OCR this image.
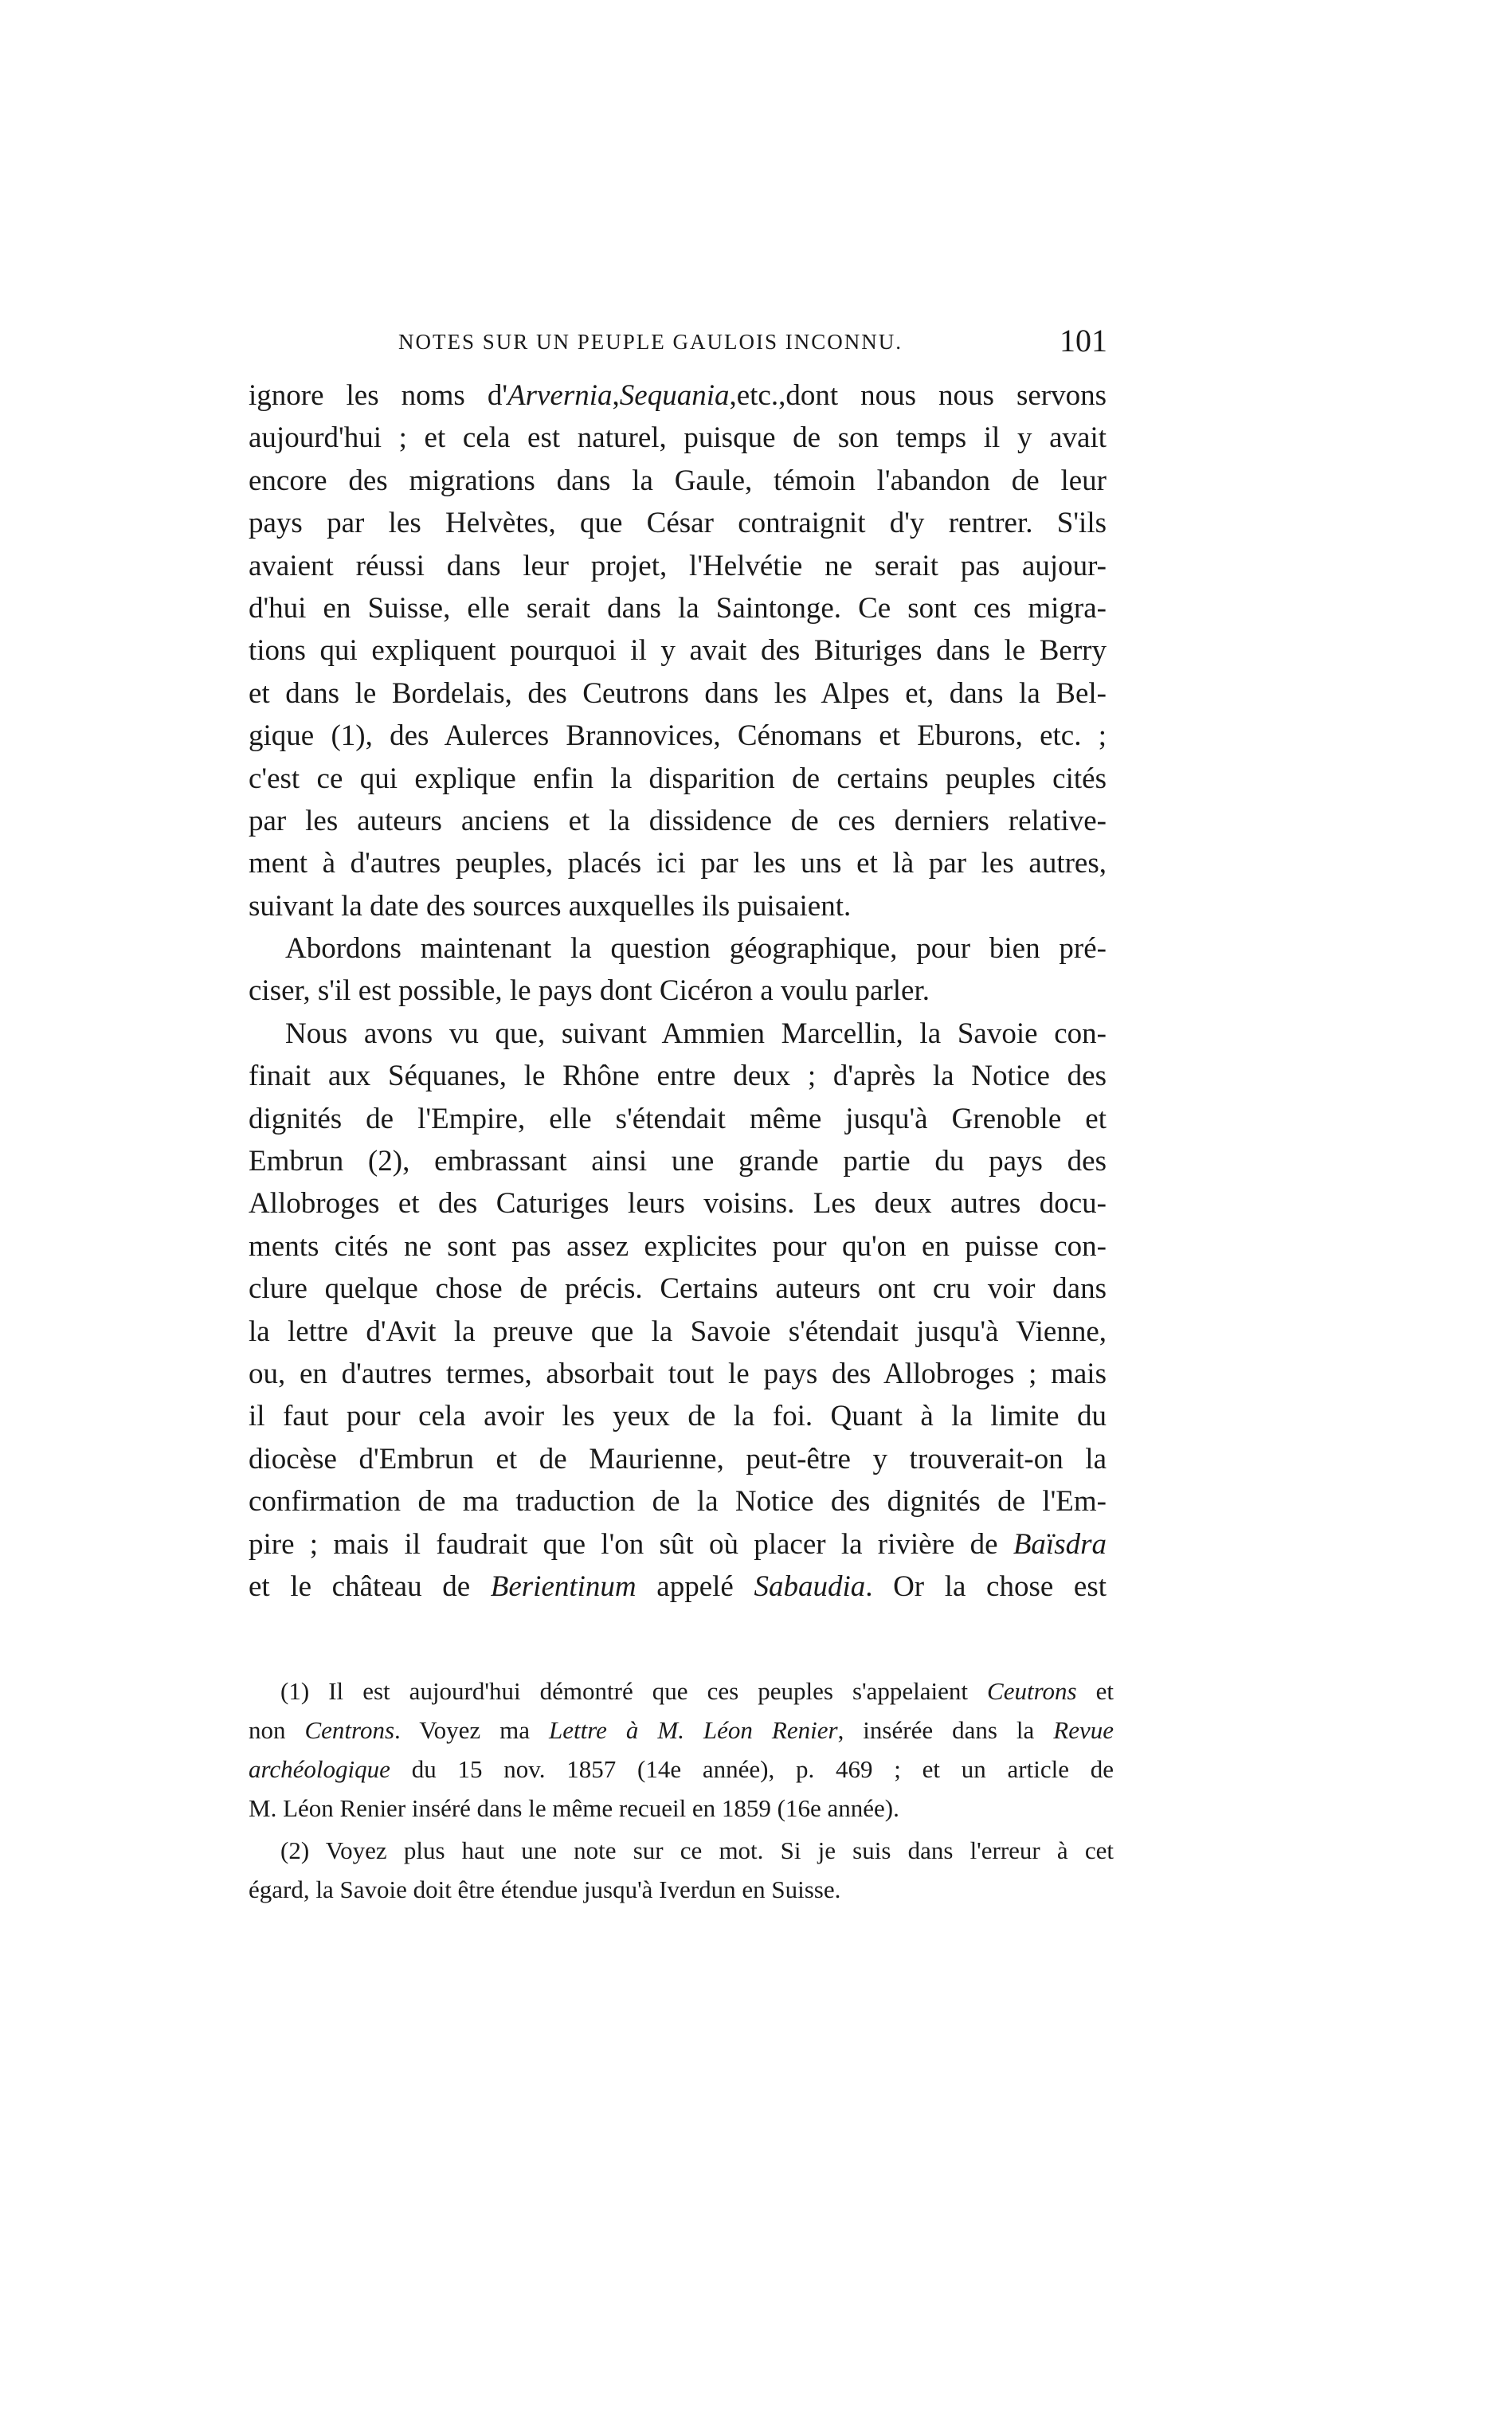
NOTES SUR UN PEUPLE GAULOIS INCONNU.	101
ignore les noms d'Arvernia,Sequania,etc.,dont nous nous servons
aujourd'hui ; et cela est naturel, puisque de son temps il y avait
encore des migrations dans la Gaule, témoin l'abandon de leur
pays par les Helvètes, que César contraignit d'y rentrer. S'ils
avaient réussi dans leur projet, l'Helvétie ne serait pas aujour-
d'hui en Suisse, elle serait dans la Saintonge. Ce sont ces migra-
tions qui expliquent pourquoi il y avait des Bituriges dans le Berry
et dans le Bordelais, des Ceutrons dans les Alpes et, dans la Bel-
gique (1), des Aulerces Brannovices, Cénomans et Eburons, etc. ;
c'est ce qui explique enfin la disparition de certains peuples cités
par les auteurs anciens et la dissidence de ces derniers relative-
ment à d'autres peuples, placés ici par les uns et là par les autres,
suivant la date des sources auxquelles ils puisaient.
Abordons maintenant la question géographique, pour bien pré-
ciser, s'il est possible, le pays dont Cicéron a voulu parler.
Nous avons vu que, suivant Ammien Marcellin, la Savoie con-
finait aux Séquanes, le Rhône entre deux ; d'après la Notice des
dignités de l'Empire, elle s'étendait même jusqu'à Grenoble et
Embrun (2), embrassant ainsi une grande partie du pays des
Allobroges et des Caturiges leurs voisins. Les deux autres docu-
ments cités ne sont pas assez explicites pour qu'on en puisse con-
clure quelque chose de précis. Certains auteurs ont cru voir dans
la lettre d'Avit la preuve que la Savoie s'étendait jusqu'à Vienne,
ou, en d'autres termes, absorbait tout le pays des Allobroges ; mais
il faut pour cela avoir les yeux de la foi. Quant à la limite du
diocèse d'Embrun et de Maurienne, peut-être y trouverait-on la
confirmation de ma traduction de la Notice des dignités de l'Em-
pire ; mais il faudrait que l'on sût où placer la rivière de Baïsdra
et le château de Berientinum appelé Sabaudia. Or la chose est
(1) Il est aujourd'hui démontré que ces peuples s'appelaient Ceutrons et
non Centrons. Voyez ma Lettre à M. Léon Renier, insérée dans la Revue
archéologique du 15 nov. 1857 (14e année), p. 469 ; et un article de
M. Léon Renier inséré dans le même recueil en 1859 (16e année).
(2) Voyez plus haut une note sur ce mot. Si je suis dans l'erreur à cet
égard, la Savoie doit être étendue jusqu'à Iverdun en Suisse.
